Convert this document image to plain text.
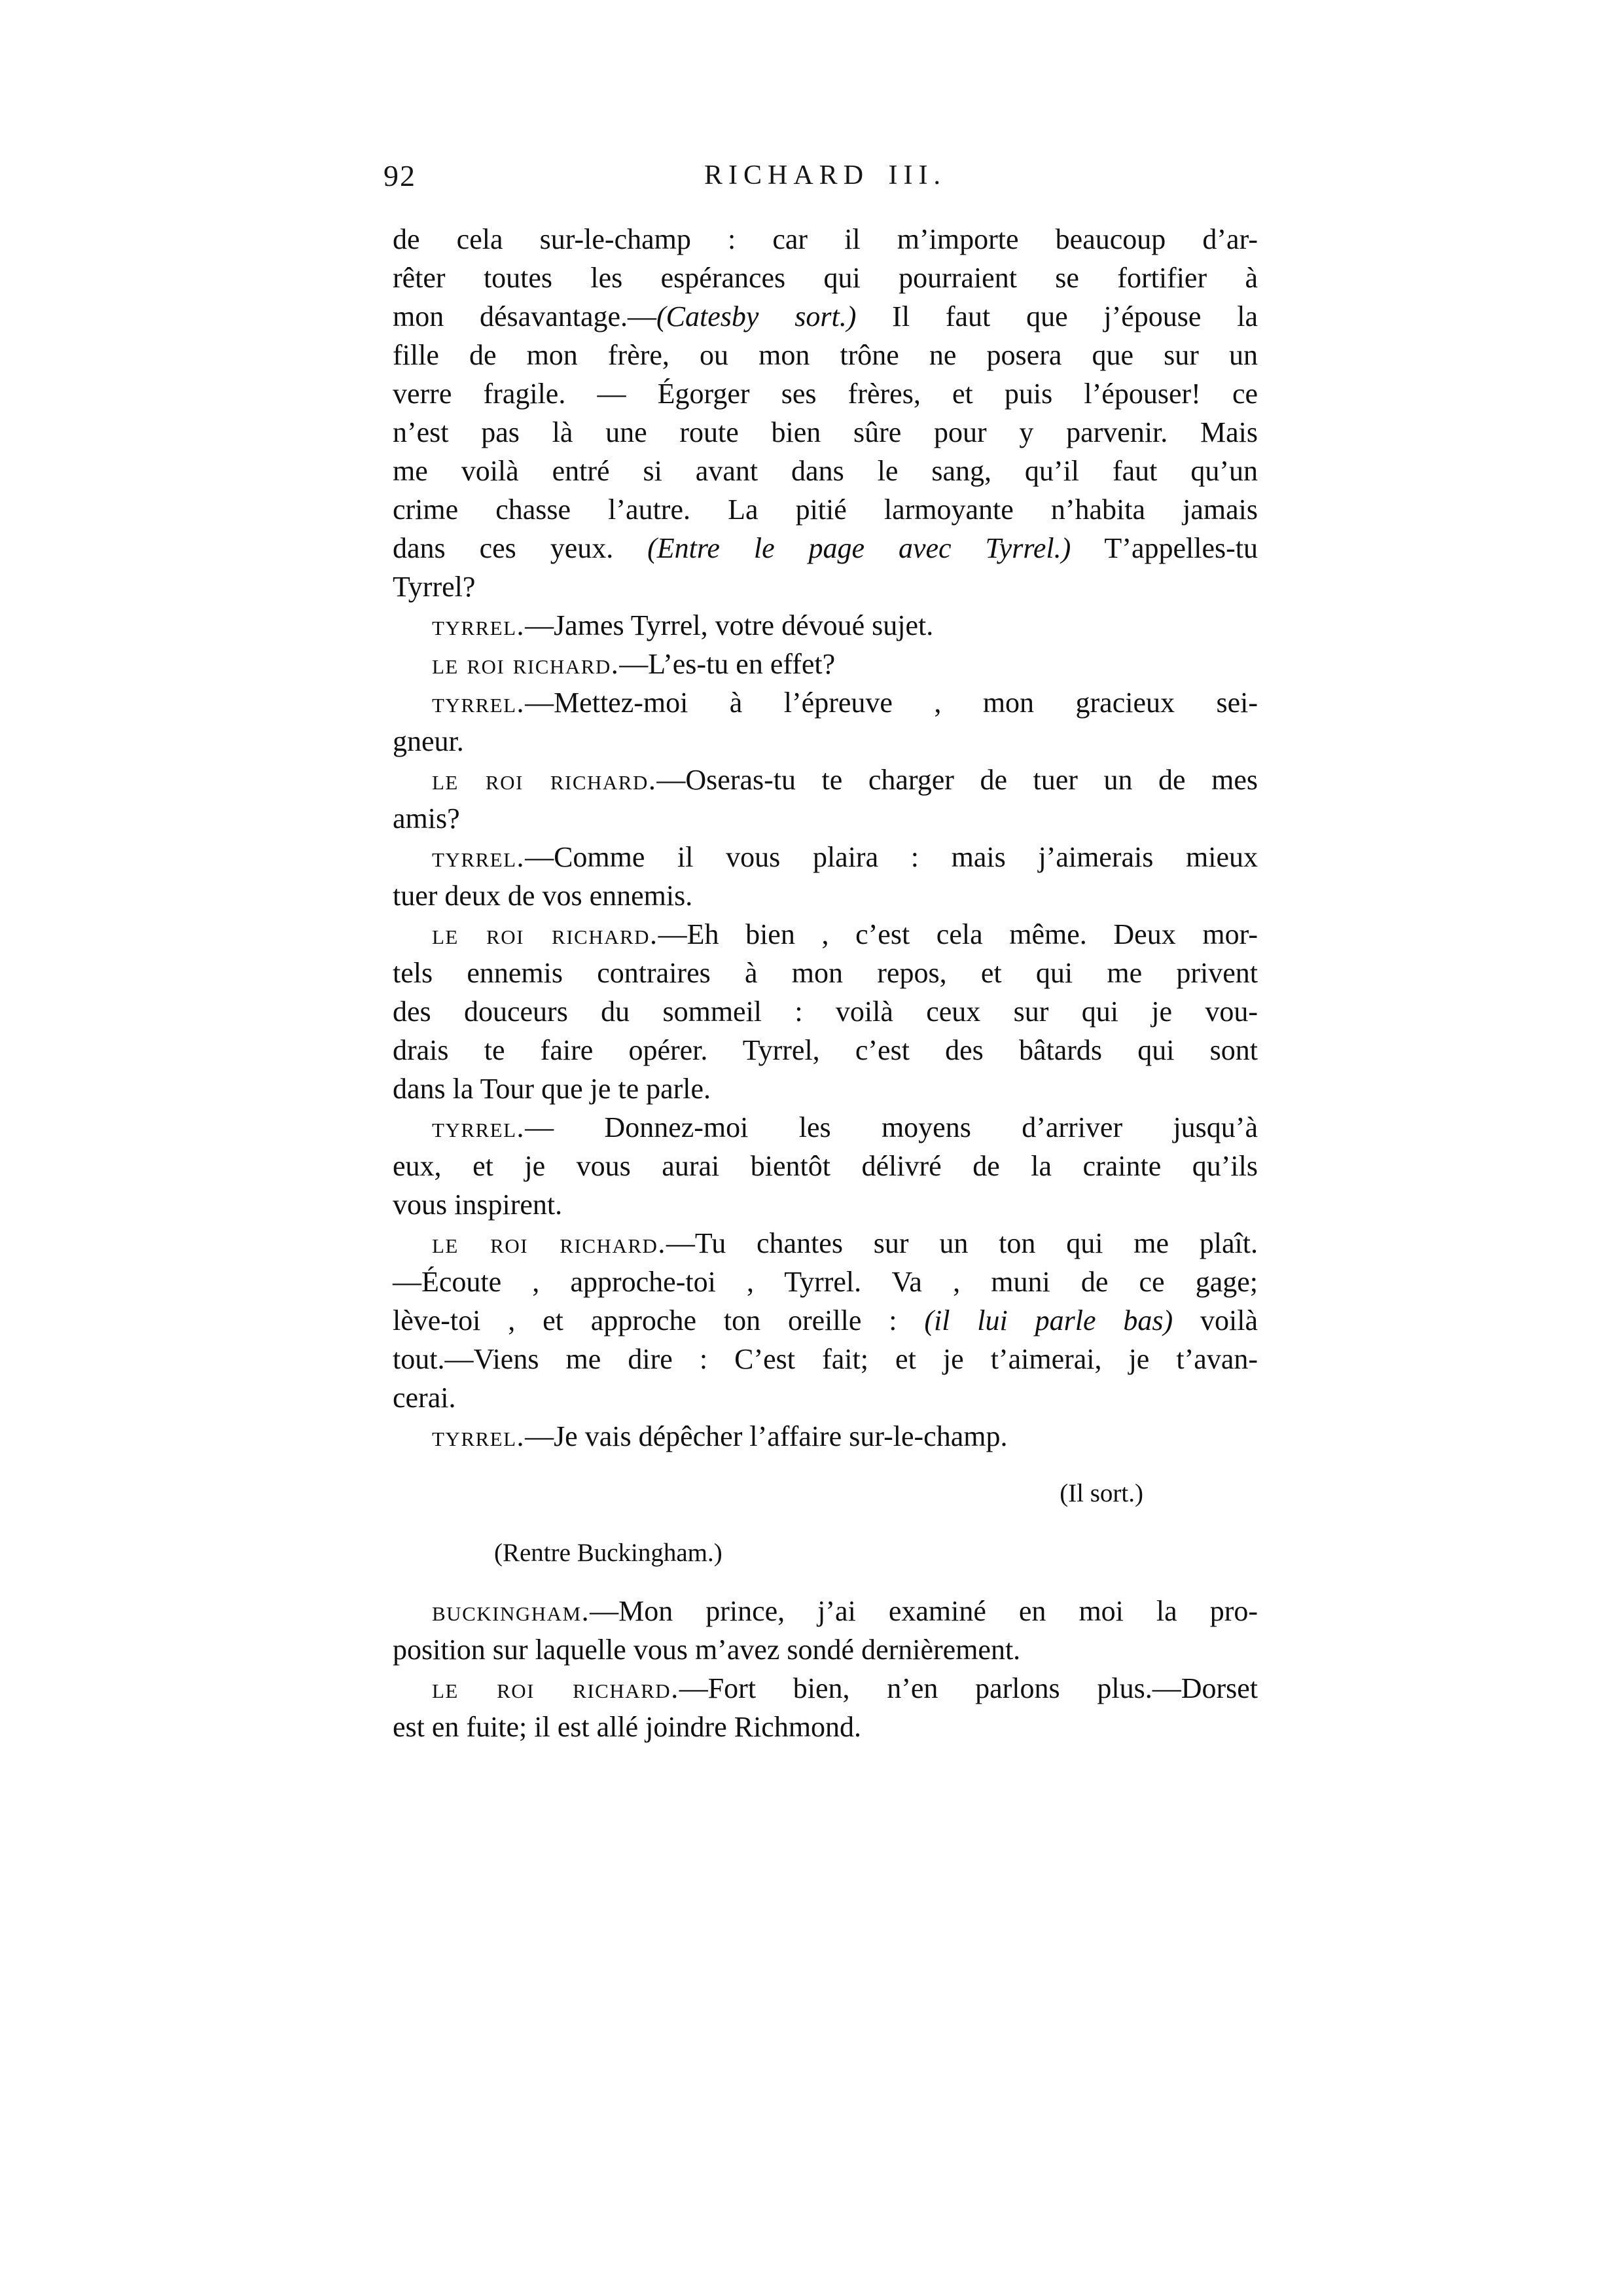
92	RICHARD III.
de cela sur-le-champ : car il m’importe beaucoup d’ar-
rêter toutes les espérances qui pourraient se fortifier à
mon désavantage.—(Catesby sort.) Il faut que j’épouse la
fille de mon frère, ou mon trône ne posera que sur un
verre fragile. — Égorger ses frères, et puis l’épouser! ce
n’est pas là une route bien sûre pour y parvenir. Mais
me voilà entré si avant dans le sang, qu’il faut qu’un
crime chasse l’autre. La pitié larmoyante n’habita jamais
dans ces yeux. (Entre le page avec Tyrrel.) T’appelles-tu
Tyrrel?
tyrrel.—James Tyrrel, votre dévoué sujet.
le roi richard.—L’es-tu en effet?
tyrrel.—Mettez-moi à l’épreuve , mon gracieux sei-
gneur.
le roi richard.—Oseras-tu te charger de tuer un de mes
amis?
tyrrel.—Comme il vous plaira : mais j’aimerais mieux
tuer deux de vos ennemis.
le roi richard.—Eh bien , c’est cela même. Deux mor-
tels ennemis contraires à mon repos, et qui me privent
des douceurs du sommeil : voilà ceux sur qui je vou-
drais te faire opérer. Tyrrel, c’est des bâtards qui sont
dans la Tour que je te parle.
tyrrel.— Donnez-moi les moyens d’arriver jusqu’à
eux, et je vous aurai bientôt délivré de la crainte qu’ils
vous inspirent.
le roi richard.—Tu chantes sur un ton qui me plaît.
—Écoute , approche-toi , Tyrrel. Va , muni de ce gage;
lève-toi , et approche ton oreille : (il lui parle bas) voilà
tout.—Viens me dire : C’est fait; et je t’aimerai, je t’avan-
cerai.
tyrrel.—Je vais dépêcher l’affaire sur-le-champ.
(Il sort.)
(Rentre Buckingham.)
buckingham.—Mon prince, j’ai examiné en moi la pro-
position sur laquelle vous m’avez sondé dernièrement.
le roi richard.—Fort bien, n’en parlons plus.—Dorset
est en fuite; il est allé joindre Richmond.
